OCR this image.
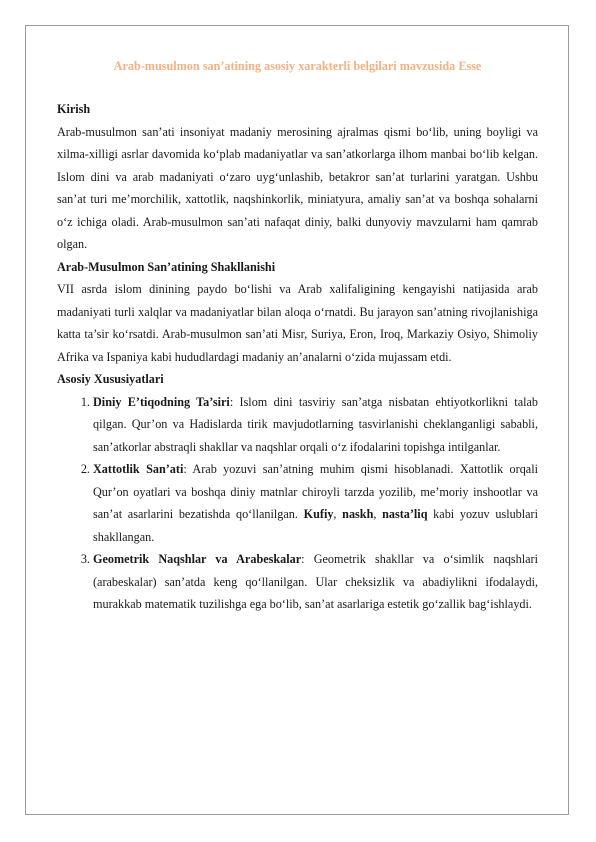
Arab-musulmon san’atining asosiy xarakterli belgilari mavzusida Esse
Kirish

Arab-musulmon san’ati insoniyat madaniy merosining ajralmas qismi bo‘lib, uning boyligi va xilma-xilligi asrlar davomida ko‘plab madaniyatlar va san’atkorlarga ilhom manbai bo‘lib kelgan. Islom dini va arab madaniyati o‘zaro uyg‘unlashib, betakror san’at turlarini yaratgan. Ushbu san’at turi me’morchilik, xattotlik, naqshinkorlik, miniatyura, amaliy san’at va boshqa sohalarni o‘z ichiga oladi. Arab-musulmon san’ati nafaqat diniy, balki dunyoviy mavzularni ham qamrab olgan.

Arab-Musulmon San’atining Shakllanishi

VII asrda islom dinining paydo bo‘lishi va Arab xalifaligining kengayishi natijasida arab madaniyati turli xalqlar va madaniyatlar bilan aloqa o‘rnatdi. Bu jarayon san’atning rivojlanishiga katta ta’sir ko‘rsatdi. Arab-musulmon san’ati Misr, Suriya, Eron, Iroq, Markaziy Osiyo, Shimoliy Afrika va Ispaniya kabi hududlardagi madaniy an’analarni o‘zida mujassam etdi.

Asosiy Xususiyatlari
1. Diniy E’tiqodning Ta’siri: Islom dini tasviriy san’atga nisbatan ehtiyotkorlikni talab qilgan. Qur’on va Hadislarda tirik mavjudotlarning tasvirlanishi cheklanganligi sababli, san’atkorlar abstraqli shakllar va naqshlar orqali o‘z ifodalarini topishga intilganlar.
2. Xattotlik San’ati: Arab yozuvi san’atning muhim qismi hisoblanadi. Xattotlik orqali Qur’on oyatlari va boshqa diniy matnlar chiroyli tarzda yozilib, me’moriy inshootlar va san’at asarlarini bezatishda qo‘llanilgan. Kufiy, naskh, nasta’liq kabi yozuv uslublari shakllangan.
3. Geometrik Naqshlar va Arabeskalar: Geometrik shakllar va o‘simlik naqshlari (arabeskalar) san’atda keng qo‘llanilgan. Ular cheksizlik va abadiylikni ifodalaydi, murakkab matematik tuzilishga ega bo‘lib, san’at asarlariga estetik go‘zallik bag‘ishlaydi.
